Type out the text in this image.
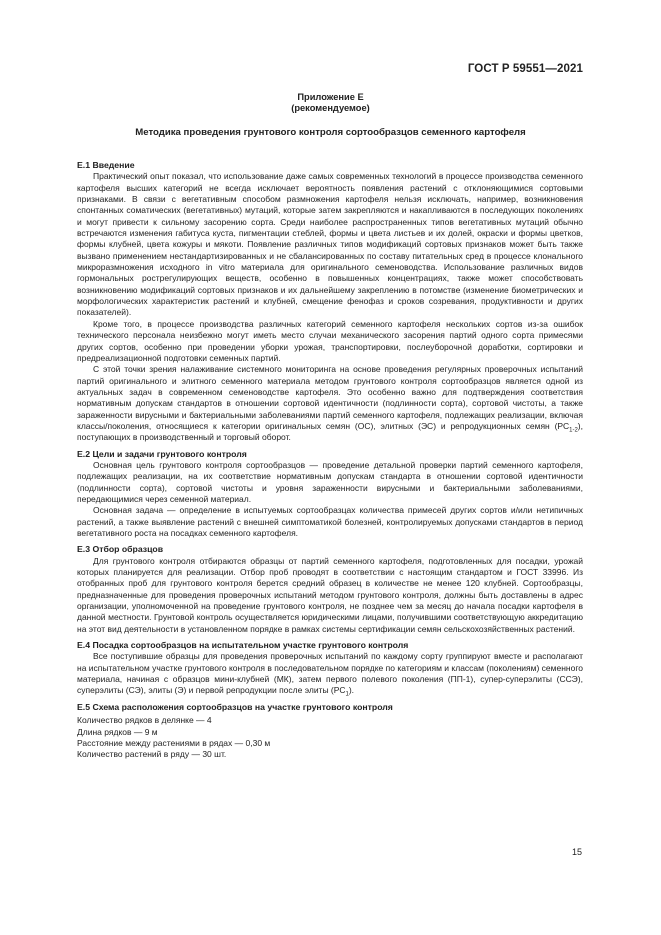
ГОСТ Р 59551—2021
Приложение Е
(рекомендуемое)
Методика проведения грунтового контроля сортообразцов семенного картофеля
Е.1 Введение

Практический опыт показал, что использование даже самых современных технологий в процессе производства семенного картофеля высших категорий не всегда исключает вероятность появления растений с отклоняющимися сортовыми признаками. В связи с вегетативным способом размножения картофеля нельзя исключать, например, возникновения спонтанных соматических (вегетативных) мутаций, которые затем закрепляются и накапливаются в последующих поколениях и могут привести к сильному засорению сорта. Среди наиболее распространенных типов вегетативных мутаций обычно встречаются изменения габитуса куста, пигментации стеблей, формы и цвета листьев и их долей, окраски и формы цветков, формы клубней, цвета кожуры и мякоти. Появление различных типов модификаций сортовых признаков может быть также вызвано применением нестандартизированных и не сбалансированных по составу питательных сред в процессе клонального микроразмножения исходного in vitro материала для оригинального семеноводства. Использование различных видов гормональных рострегулирующих веществ, особенно в повышенных концентрациях, также может способствовать возникновению модификаций сортовых признаков и их дальнейшему закреплению в потомстве (изменение биометрических и морфологических характеристик растений и клубней, смещение фенофаз и сроков созревания, продуктивности и других показателей).

Кроме того, в процессе производства различных категорий семенного картофеля нескольких сортов из-за ошибок технического персонала неизбежно могут иметь место случаи механического засорения партий одного сорта примесями других сортов, особенно при проведении уборки урожая, транспортировки, послеуборочной доработки, сортировки и предреализационной подготовки семенных партий.

С этой точки зрения налаживание системного мониторинга на основе проведения регулярных проверочных испытаний партий оригинального и элитного семенного материала методом грунтового контроля сортообразцов является одной из актуальных задач в современном семеноводстве картофеля. Это особенно важно для подтверждения соответствия нормативным допускам стандартов в отношении сортовой идентичности (подлинности сорта), сортовой чистоты, а также зараженности вирусными и бактериальными заболеваниями партий семенного картофеля, подлежащих реализации, включая классы/поколения, относящиеся к категории оригинальных семян (ОС), элитных (ЭС) и репродукционных семян $(РС_{1-2})$, поступающих в производственный и торговый оборот.

Е.2 Цели и задачи грунтового контроля

Основная цель грунтового контроля сортообразцов — проведение детальной проверки партий семенного картофеля, подлежащих реализации, на их соответствие нормативным допускам стандарта в отношении сортовой идентичности (подлинности сорта), сортовой чистоты и уровня зараженности вирусными и бактериальными заболеваниями, передающимися через семенной материал.

Основная задача — определение в испытуемых сортообразцах количества примесей других сортов и/или нетипичных растений, а также выявление растений с внешней симптоматикой болезней, контролируемых допусками стандартов в период вегетативного роста на посадках семенного картофеля.

Е.3 Отбор образцов

Для грунтового контроля отбираются образцы от партий семенного картофеля, подготовленных для посадки, урожай которых планируется для реализации. Отбор проб проводят в соответствии с настоящим стандартом и ГОСТ 33996. Из отобранных проб для грунтового контроля берется средний образец в количестве не менее 120 клубней. Сортообразцы, предназначенные для проведения проверочных испытаний методом грунтового контроля, должны быть доставлены в адрес организации, уполномоченной на проведение грунтового контроля, не позднее чем за месяц до начала посадки картофеля в данной местности. Грунтовой контроль осуществляется юридическими лицами, получившими соответствующую аккредитацию на этот вид деятельности в установленном порядке в рамках системы сертификации семян сельскохозяйственных растений.

Е.4 Посадка сортообразцов на испытательном участке грунтового контроля

Все поступившие образцы для проведения проверочных испытаний по каждому сорту группируют вместе и располагают на испытательном участке грунтового контроля в последовательном порядке по категориям и классам (поколениям) семенного материала, начиная с образцов мини-клубней (МК), затем первого полевого поколения (ПП-1), супер-суперэлиты (ССЭ), суперэлиты (СЭ), элиты (Э) и первой репродукции после элиты $(РС_1)$.

Е.5 Схема расположения сортообразцов на участке грунтового контроля

Количество рядков в делянке — 4

Длина рядков — 9 м

Расстояние между растениями в рядах — 0,30 м

Количество растений в ряду — 30 шт.

15
